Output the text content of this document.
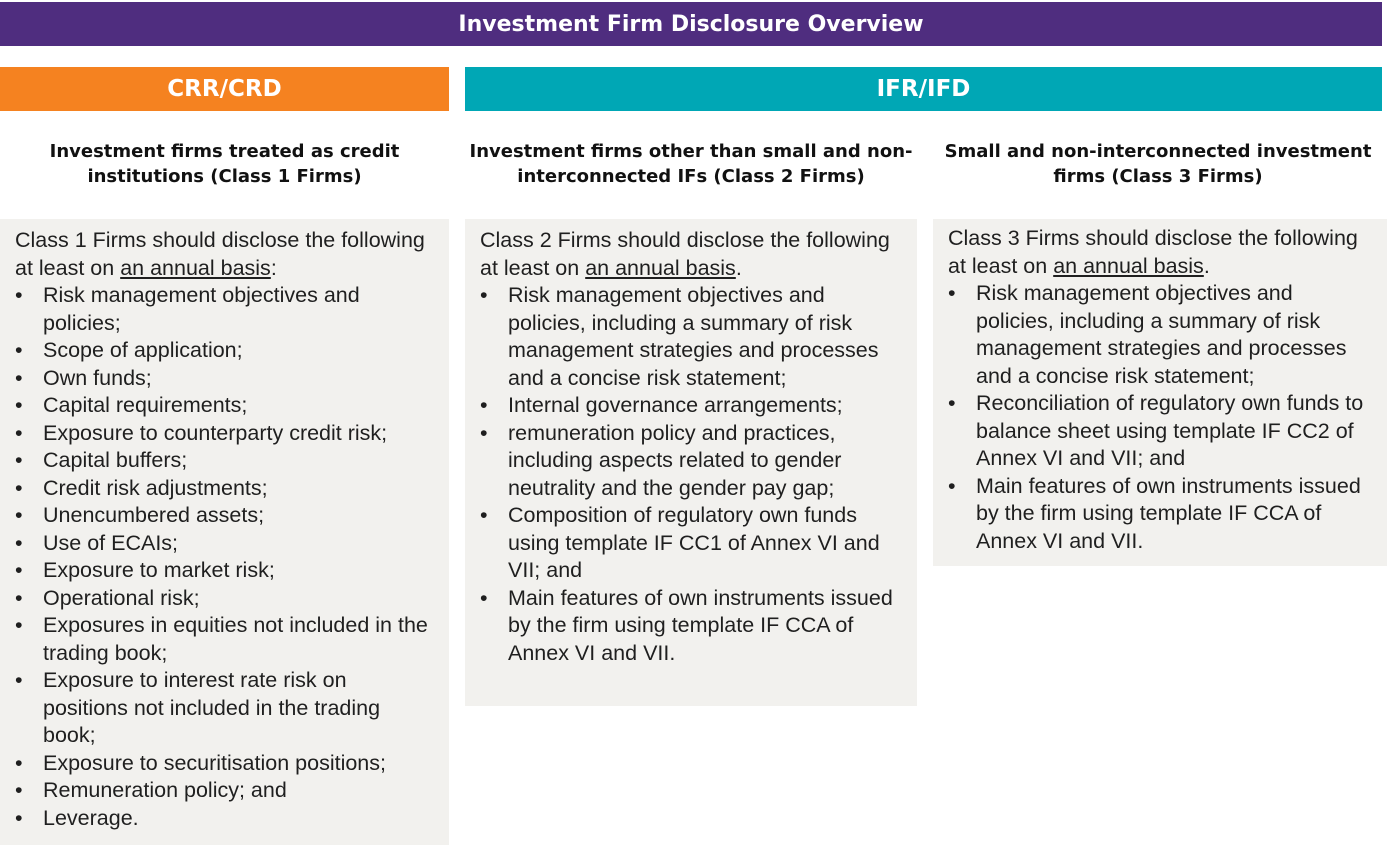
Investment Firm Disclosure Overview
CRR/CRD	IFR/IFD
Investment firms treated as credit institutions (Class 1 Firms)
Investment firms other than small and non-interconnected IFs (Class 2 Firms)
Small and non-interconnected investment firms (Class 3 Firms)

Class 1 Firms should disclose the following at least on an annual basis:

• Risk management objectives and policies;
• Scope of application;
• Own funds;
• Capital requirements;
• Exposure to counterparty credit risk;
• Capital buffers;
• Credit risk adjustments;
• Unencumbered assets;
• Use of ECAIs;
• Exposure to market risk;
• Operational risk;
• Exposures in equities not included in the trading book;
• Exposure to interest rate risk on positions not included in the trading book;
• Exposure to securitisation positions;
• Remuneration policy; and
• Leverage.

Class 2 Firms should disclose the following at least on an annual basis.

• Risk management objectives and policies, including a summary of risk management strategies and processes and a concise risk statement;
• Internal governance arrangements;
• remuneration policy and practices, including aspects related to gender neutrality and the gender pay gap;
• Composition of regulatory own funds using template IF CC1 of Annex VI and VII; and
• Main features of own instruments issued by the firm using template IF CCA of Annex VI and VII.

Class 3 Firms should disclose the following at least on an annual basis.

• Risk management objectives and policies, including a summary of risk management strategies and processes and a concise risk statement;
• Reconciliation of regulatory own funds to balance sheet using template IF CC2 of Annex VI and VII; and
• Main features of own instruments issued by the firm using template IF CCA of Annex VI and VII.
